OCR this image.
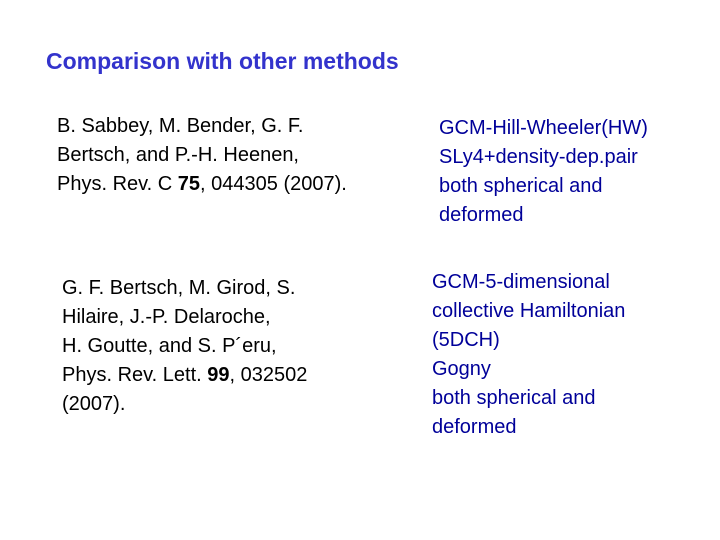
Comparison with other methods
B. Sabbey, M. Bender, G. F.
Bertsch, and P.-H. Heenen,
Phys. Rev. C 75, 044305 (2007).
GCM-Hill-Wheeler(HW)
SLy4+density-dep.pair
both spherical and
deformed
G. F. Bertsch, M. Girod, S.
Hilaire, J.-P. Delaroche,
H. Goutte, and S. P´eru,
Phys. Rev. Lett. 99, 032502
(2007).
GCM-5-dimensional
collective Hamiltonian
(5DCH)
Gogny
both spherical and
deformed
